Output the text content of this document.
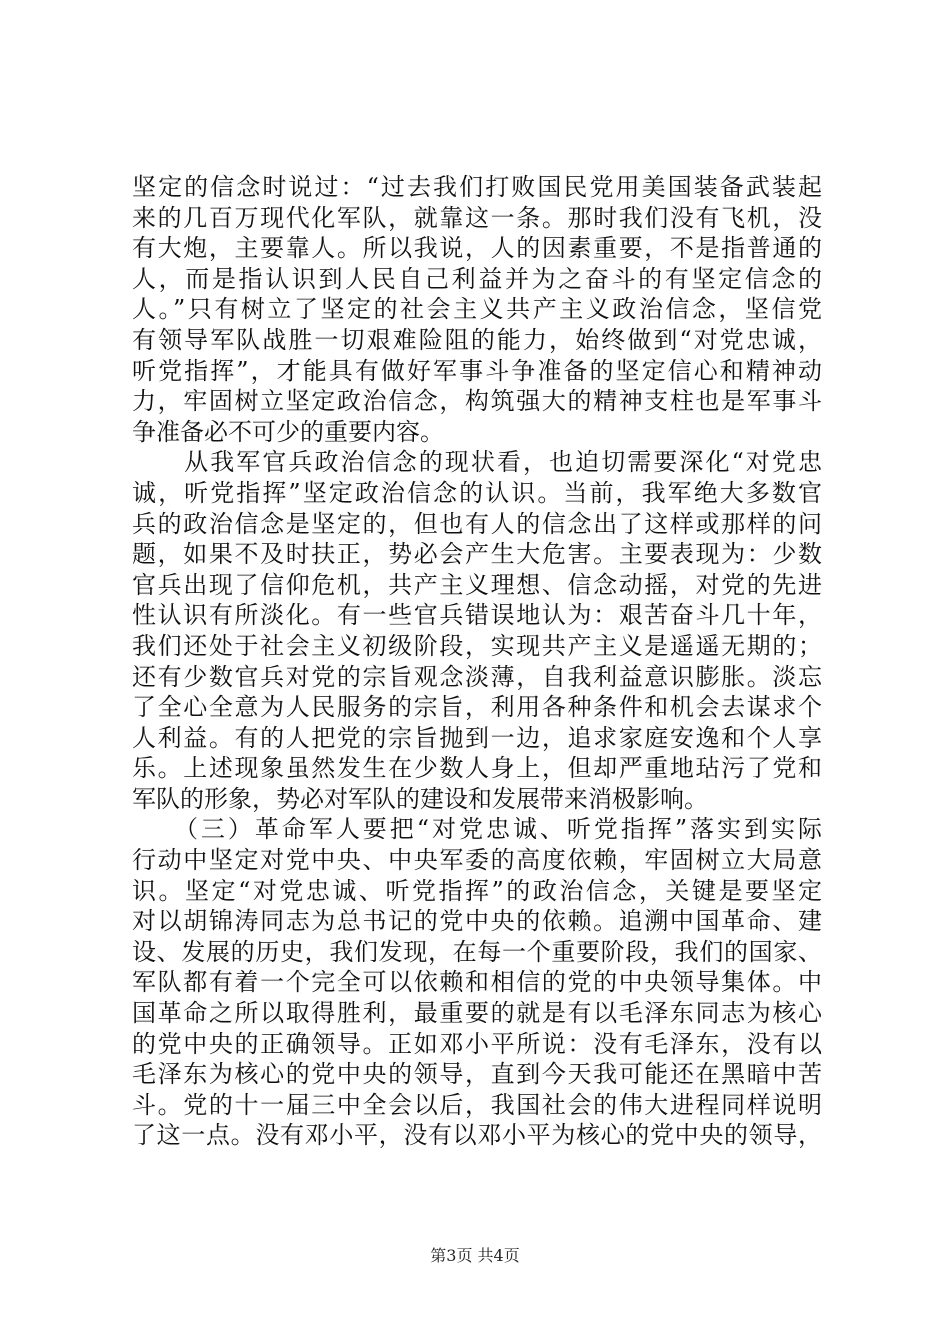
坚定的信念时说过：“过去我们打败国民党用美国装备武装起
来的几百万现代化军队，就靠这一条。那时我们没有飞机，没
有大炮，主要靠人。所以我说，人的因素重要，不是指普通的
人，而是指认识到人民自己利益并为之奋斗的有坚定信念的
人。”只有树立了坚定的社会主义共产主义政治信念，坚信党
有领导军队战胜一切艰难险阻的能力，始终做到“对党忠诚，
听党指挥”，才能具有做好军事斗争准备的坚定信心和精神动
力，牢固树立坚定政治信念，构筑强大的精神支柱也是军事斗
争准备必不可少的重要内容。
　　从我军官兵政治信念的现状看，也迫切需要深化“对党忠
诚，听党指挥”坚定政治信念的认识。当前，我军绝大多数官
兵的政治信念是坚定的，但也有人的信念出了这样或那样的问
题，如果不及时扶正，势必会产生大危害。主要表现为：少数
官兵出现了信仰危机，共产主义理想、信念动摇，对党的先进
性认识有所淡化。有一些官兵错误地认为：艰苦奋斗几十年，
我们还处于社会主义初级阶段，实现共产主义是遥遥无期的；
还有少数官兵对党的宗旨观念淡薄，自我利益意识膨胀。淡忘
了全心全意为人民服务的宗旨，利用各种条件和机会去谋求个
人利益。有的人把党的宗旨抛到一边，追求家庭安逸和个人享
乐。上述现象虽然发生在少数人身上，但却严重地玷污了党和
军队的形象，势必对军队的建设和发展带来消极影响。
　　（三）革命军人要把“对党忠诚、听党指挥”落实到实际
行动中坚定对党中央、中央军委的高度依赖，牢固树立大局意
识。坚定“对党忠诚、听党指挥”的政治信念，关键是要坚定
对以胡锦涛同志为总书记的党中央的依赖。追溯中国革命、建
设、发展的历史，我们发现，在每一个重要阶段，我们的国家、
军队都有着一个完全可以依赖和相信的党的中央领导集体。中
国革命之所以取得胜利，最重要的就是有以毛泽东同志为核心
的党中央的正确领导。正如邓小平所说：没有毛泽东，没有以
毛泽东为核心的党中央的领导，直到今天我可能还在黑暗中苦
斗。党的十一届三中全会以后，我国社会的伟大进程同样说明
了这一点。没有邓小平，没有以邓小平为核心的党中央的领导，
第3页 共4页
